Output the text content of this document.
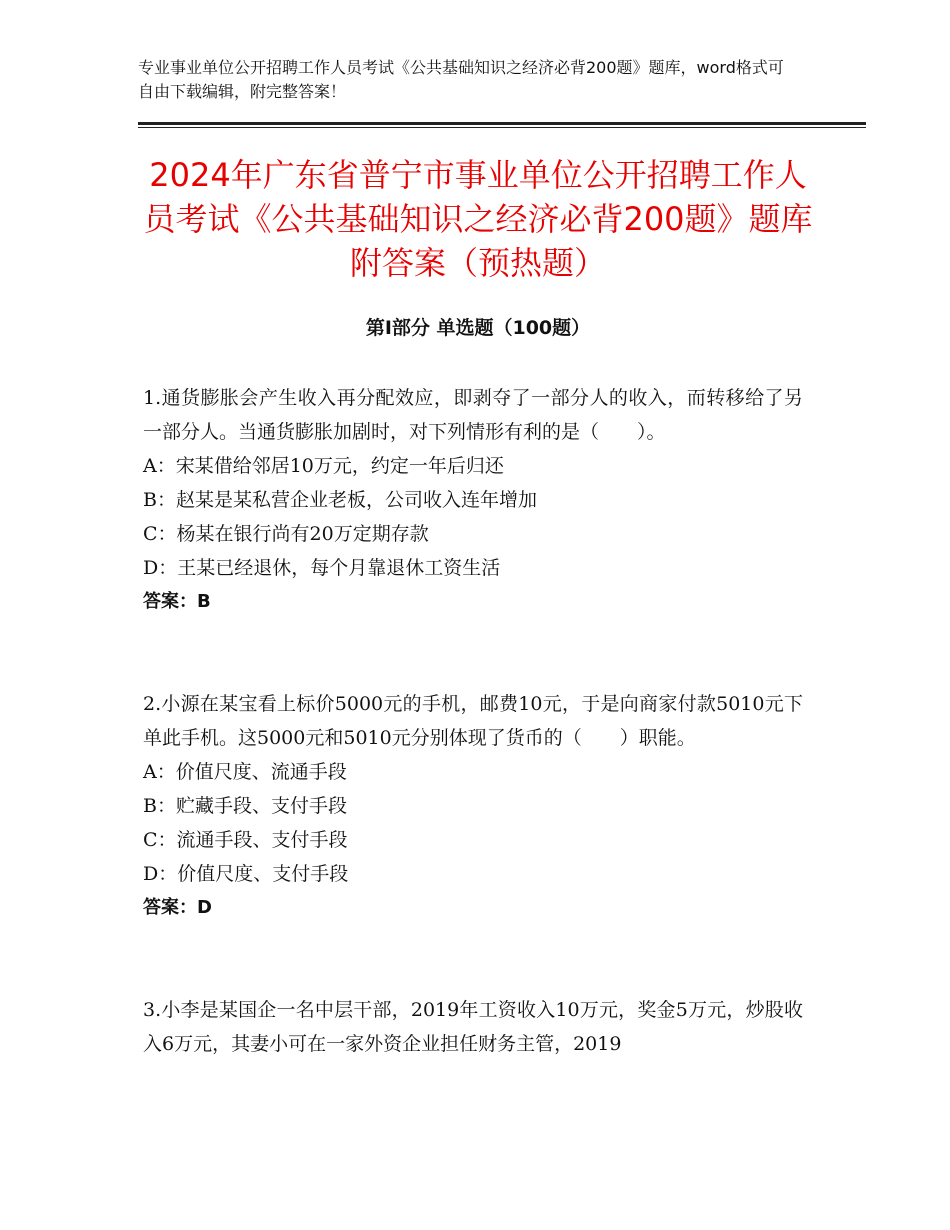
专业事业单位公开招聘工作人员考试《公共基础知识之经济必背200题》题库，word格式可自由下载编辑，附完整答案！
2024年广东省普宁市事业单位公开招聘工作人员考试《公共基础知识之经济必背200题》题库附答案（预热题）
第Ⅰ部分 单选题（100题）

1.通货膨胀会产生收入再分配效应，即剥夺了一部分人的收入，而转移给了另一部分人。当通货膨胀加剧时，对下列情形有利的是（　　）。

A：宋某借给邻居10万元，约定一年后归还

B：赵某是某私营企业老板，公司收入连年增加

C：杨某在银行尚有20万定期存款

D：王某已经退休，每个月靠退休工资生活

答案：B

2.小源在某宝看上标价5000元的手机，邮费10元，于是向商家付款5010元下单此手机。这5000元和5010元分别体现了货币的（　　）职能。

A：价值尺度、流通手段

B：贮藏手段、支付手段

C：流通手段、支付手段

D：价值尺度、支付手段

答案：D

3.小李是某国企一名中层干部，2019年工资收入10万元，奖金5万元，炒股收入6万元，其妻小可在一家外资企业担任财务主管，2019
